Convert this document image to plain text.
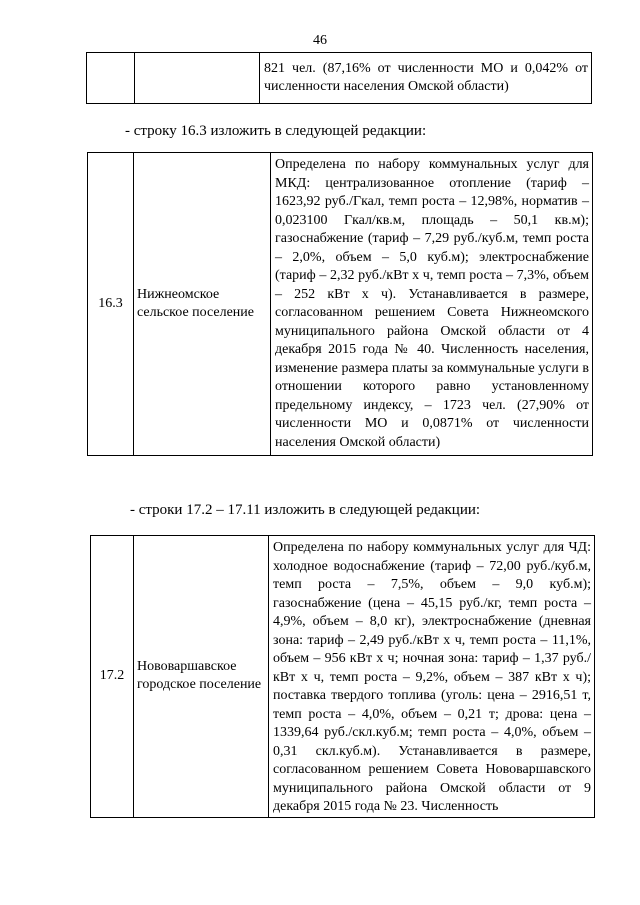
46
		821 чел. (87,16% от численности МО и 0,042% от численности населения Омской области)
- строку 16.3 изложить в следующей редакции:
16.3	Нижнеомское сельское поселение	Определена по набору коммунальных услуг для МКД: централизованное отопление (тариф – 1623,92 руб./Гкал, темп роста – 12,98%, норматив – 0,023100 Гкал/кв.м, площадь – 50,1 кв.м); газоснабжение (тариф – 7,29 руб./куб.м, темп роста – 2,0%, объем – 5,0 куб.м); электроснабжение (тариф – 2,32 руб./кВт х ч, темп роста – 7,3%, объем – 252 кВт х ч). Устанавливается в размере, согласованном решением Совета Нижнеомского муниципального района Омской области от 4 декабря 2015 года № 40. Численность населения, изменение размера платы за коммунальные услуги в отношении которого равно установленному предельному индексу, – 1723 чел. (27,90% от численности МО и 0,0871% от численности населения Омской области)
- строки 17.2 – 17.11 изложить в следующей редакции:
17.2	Нововаршавское городское поселение	Определена по набору коммунальных услуг для ЧД: холодное водоснабжение (тариф – 72,00 руб./куб.м, темп роста – 7,5%, объем – 9,0 куб.м); газоснабжение (цена – 45,15 руб./кг, темп роста – 4,9%, объем – 8,0 кг), электроснабжение (дневная зона: тариф – 2,49 руб./кВт х ч, темп роста – 11,1%, объем – 956 кВт х ч; ночная зона: тариф – 1,37 руб./кВт х ч, темп роста – 9,2%, объем – 387 кВт х ч); поставка твердого топлива (уголь: цена – 2916,51 т, темп роста – 4,0%, объем – 0,21 т; дрова: цена – 1339,64 руб./скл.куб.м; темп роста – 4,0%, объем – 0,31 скл.куб.м). Устанавливается в размере, согласованном решением Совета Нововаршавского муниципального района Омской области от 9 декабря 2015 года № 23. Численность
